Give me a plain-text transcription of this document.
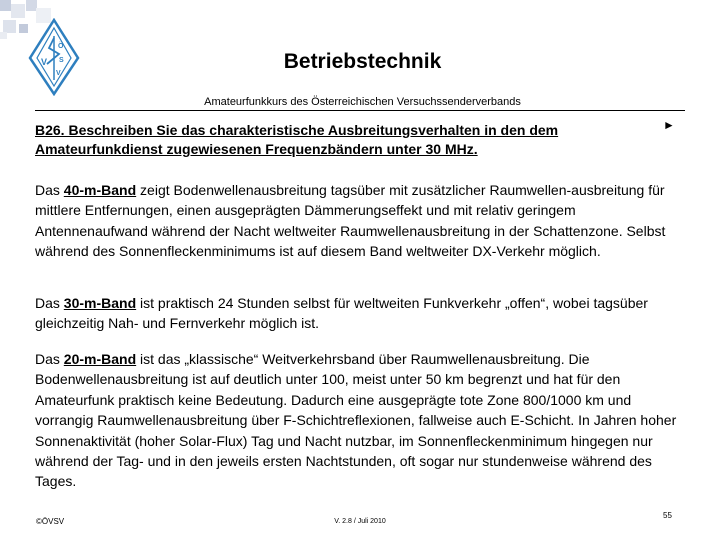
V
Ö
S
V
Betriebstechnik
Amateurfunkkurs des Österreichischen Versuchssenderverbands
B26. Beschreiben Sie das charakteristische Ausbreitungsverhalten in den dem Amateurfunkdienst zugewiesenen Frequenzbändern unter 30 MHz.
►

Das 40-m-Band zeigt Bodenwellenausbreitung tagsüber mit zusätzlicher Raumwellen-ausbreitung für mittlere Entfernungen, einen ausgeprägten Dämmerungseffekt und mit relativ geringem Antennenaufwand während der Nacht weltweiter Raumwellenausbreitung in der Schattenzone. Selbst während des Sonnenfleckenminimums ist auf diesem Band weltweiter DX-Verkehr möglich.

Das 30-m-Band ist praktisch 24 Stunden selbst für weltweiten Funkverkehr „offen“, wobei tagsüber gleichzeitig Nah- und Fernverkehr möglich ist.

Das 20-m-Band ist das „klassische“ Weitverkehrsband über Raumwellenausbreitung. Die Bodenwellenausbreitung ist auf deutlich unter 100, meist unter 50 km begrenzt und hat für den Amateurfunk praktisch keine Bedeutung. Dadurch eine ausgeprägte tote Zone 800/1000 km und vorrangig Raumwellenausbreitung über F-Schichtreflexionen, fallweise auch E-Schicht. In Jahren hoher Sonnenaktivität (hoher Solar-Flux) Tag und Nacht nutzbar, im Sonnenfleckenminimum hingegen nur während der Tag- und in den jeweils ersten Nachtstunden, oft sogar nur stundenweise während des Tages.

©ÖVSV	V. 2.8 / Juli 2010
55
